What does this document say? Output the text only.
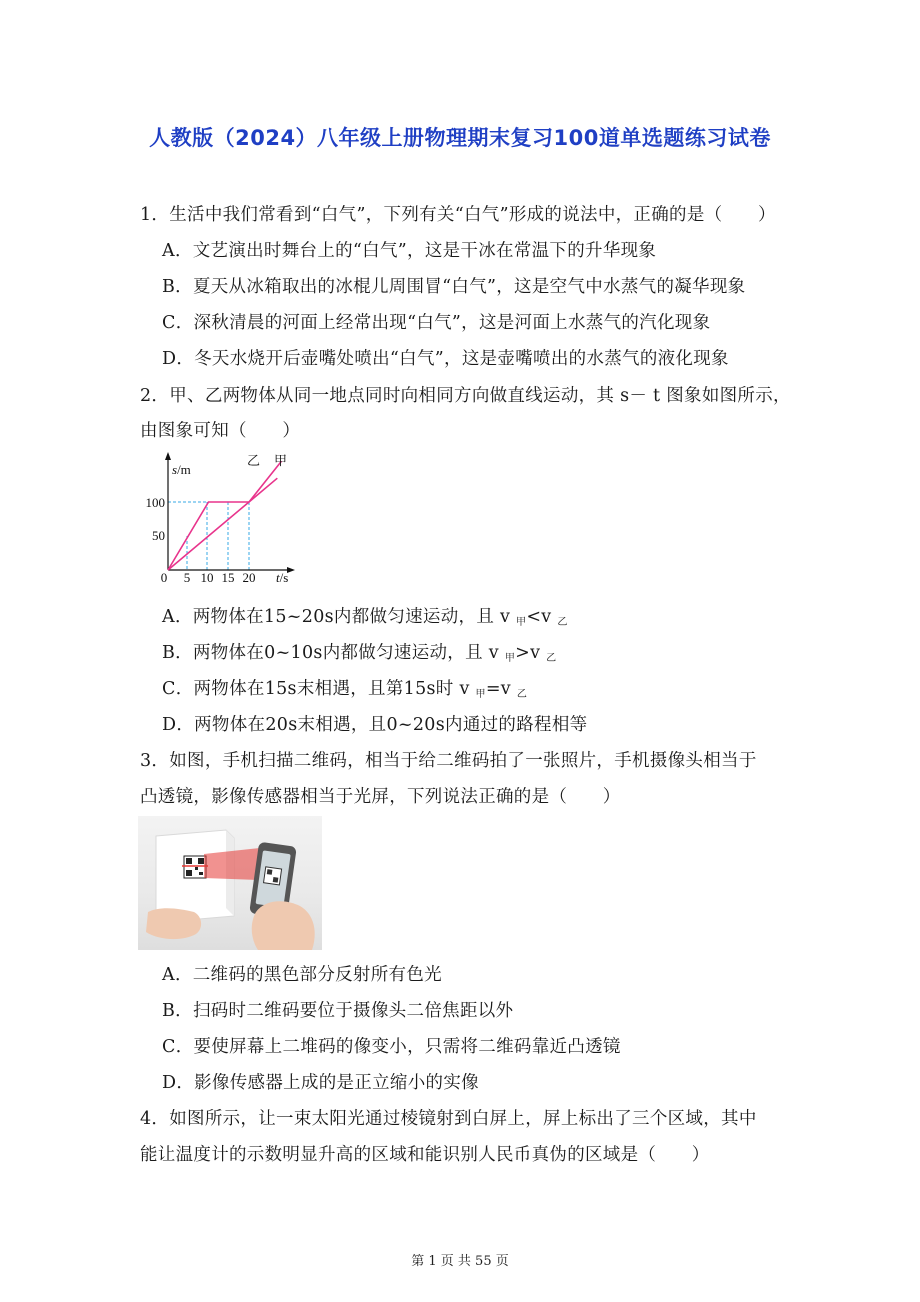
人教版（2024）八年级上册物理期末复习100道单选题练习试卷
1．生活中我们常看到“白气”，下列有关“白气”形成的说法中，正确的是（　　）
A．文艺演出时舞台上的“白气”，这是干冰在常温下的升华现象
B．夏天从冰箱取出的冰棍儿周围冒“白气”，这是空气中水蒸气的凝华现象
C．深秋清晨的河面上经常出现“白气”，这是河面上水蒸气的汽化现象
D．冬天水烧开后壶嘴处喷出“白气”，这是壶嘴喷出的水蒸气的液化现象
2．甲、乙两物体从同一地点同时向相同方向做直线运动，其 s－ t 图象如图所示，
由图象可知（　　）
s/m
t/s
乙 甲
50
100
0 5 10 15 20
A．两物体在15~20s内都做匀速运动，且 v $_甲$<v $_乙$
B．两物体在0~10s内都做匀速运动，且 v $_甲$>v $_乙$
C．两物体在15s末相遇，且第15s时 v $_甲$=v $_乙$
D．两物体在20s末相遇，且0~20s内通过的路程相等
3．如图，手机扫描二维码，相当于给二维码拍了一张照片，手机摄像头相当于
凸透镜，影像传感器相当于光屏，下列说法正确的是（　　）
A．二维码的黑色部分反射所有色光
B．扫码时二维码要位于摄像头二倍焦距以外
C．要使屏幕上二堆码的像变小，只需将二维码靠近凸透镜
D．影像传感器上成的是正立缩小的实像
4．如图所示，让一束太阳光通过棱镜射到白屏上，屏上标出了三个区域，其中
能让温度计的示数明显升高的区域和能识别人民币真伪的区域是（　　）
第 1 页 共 55 页
